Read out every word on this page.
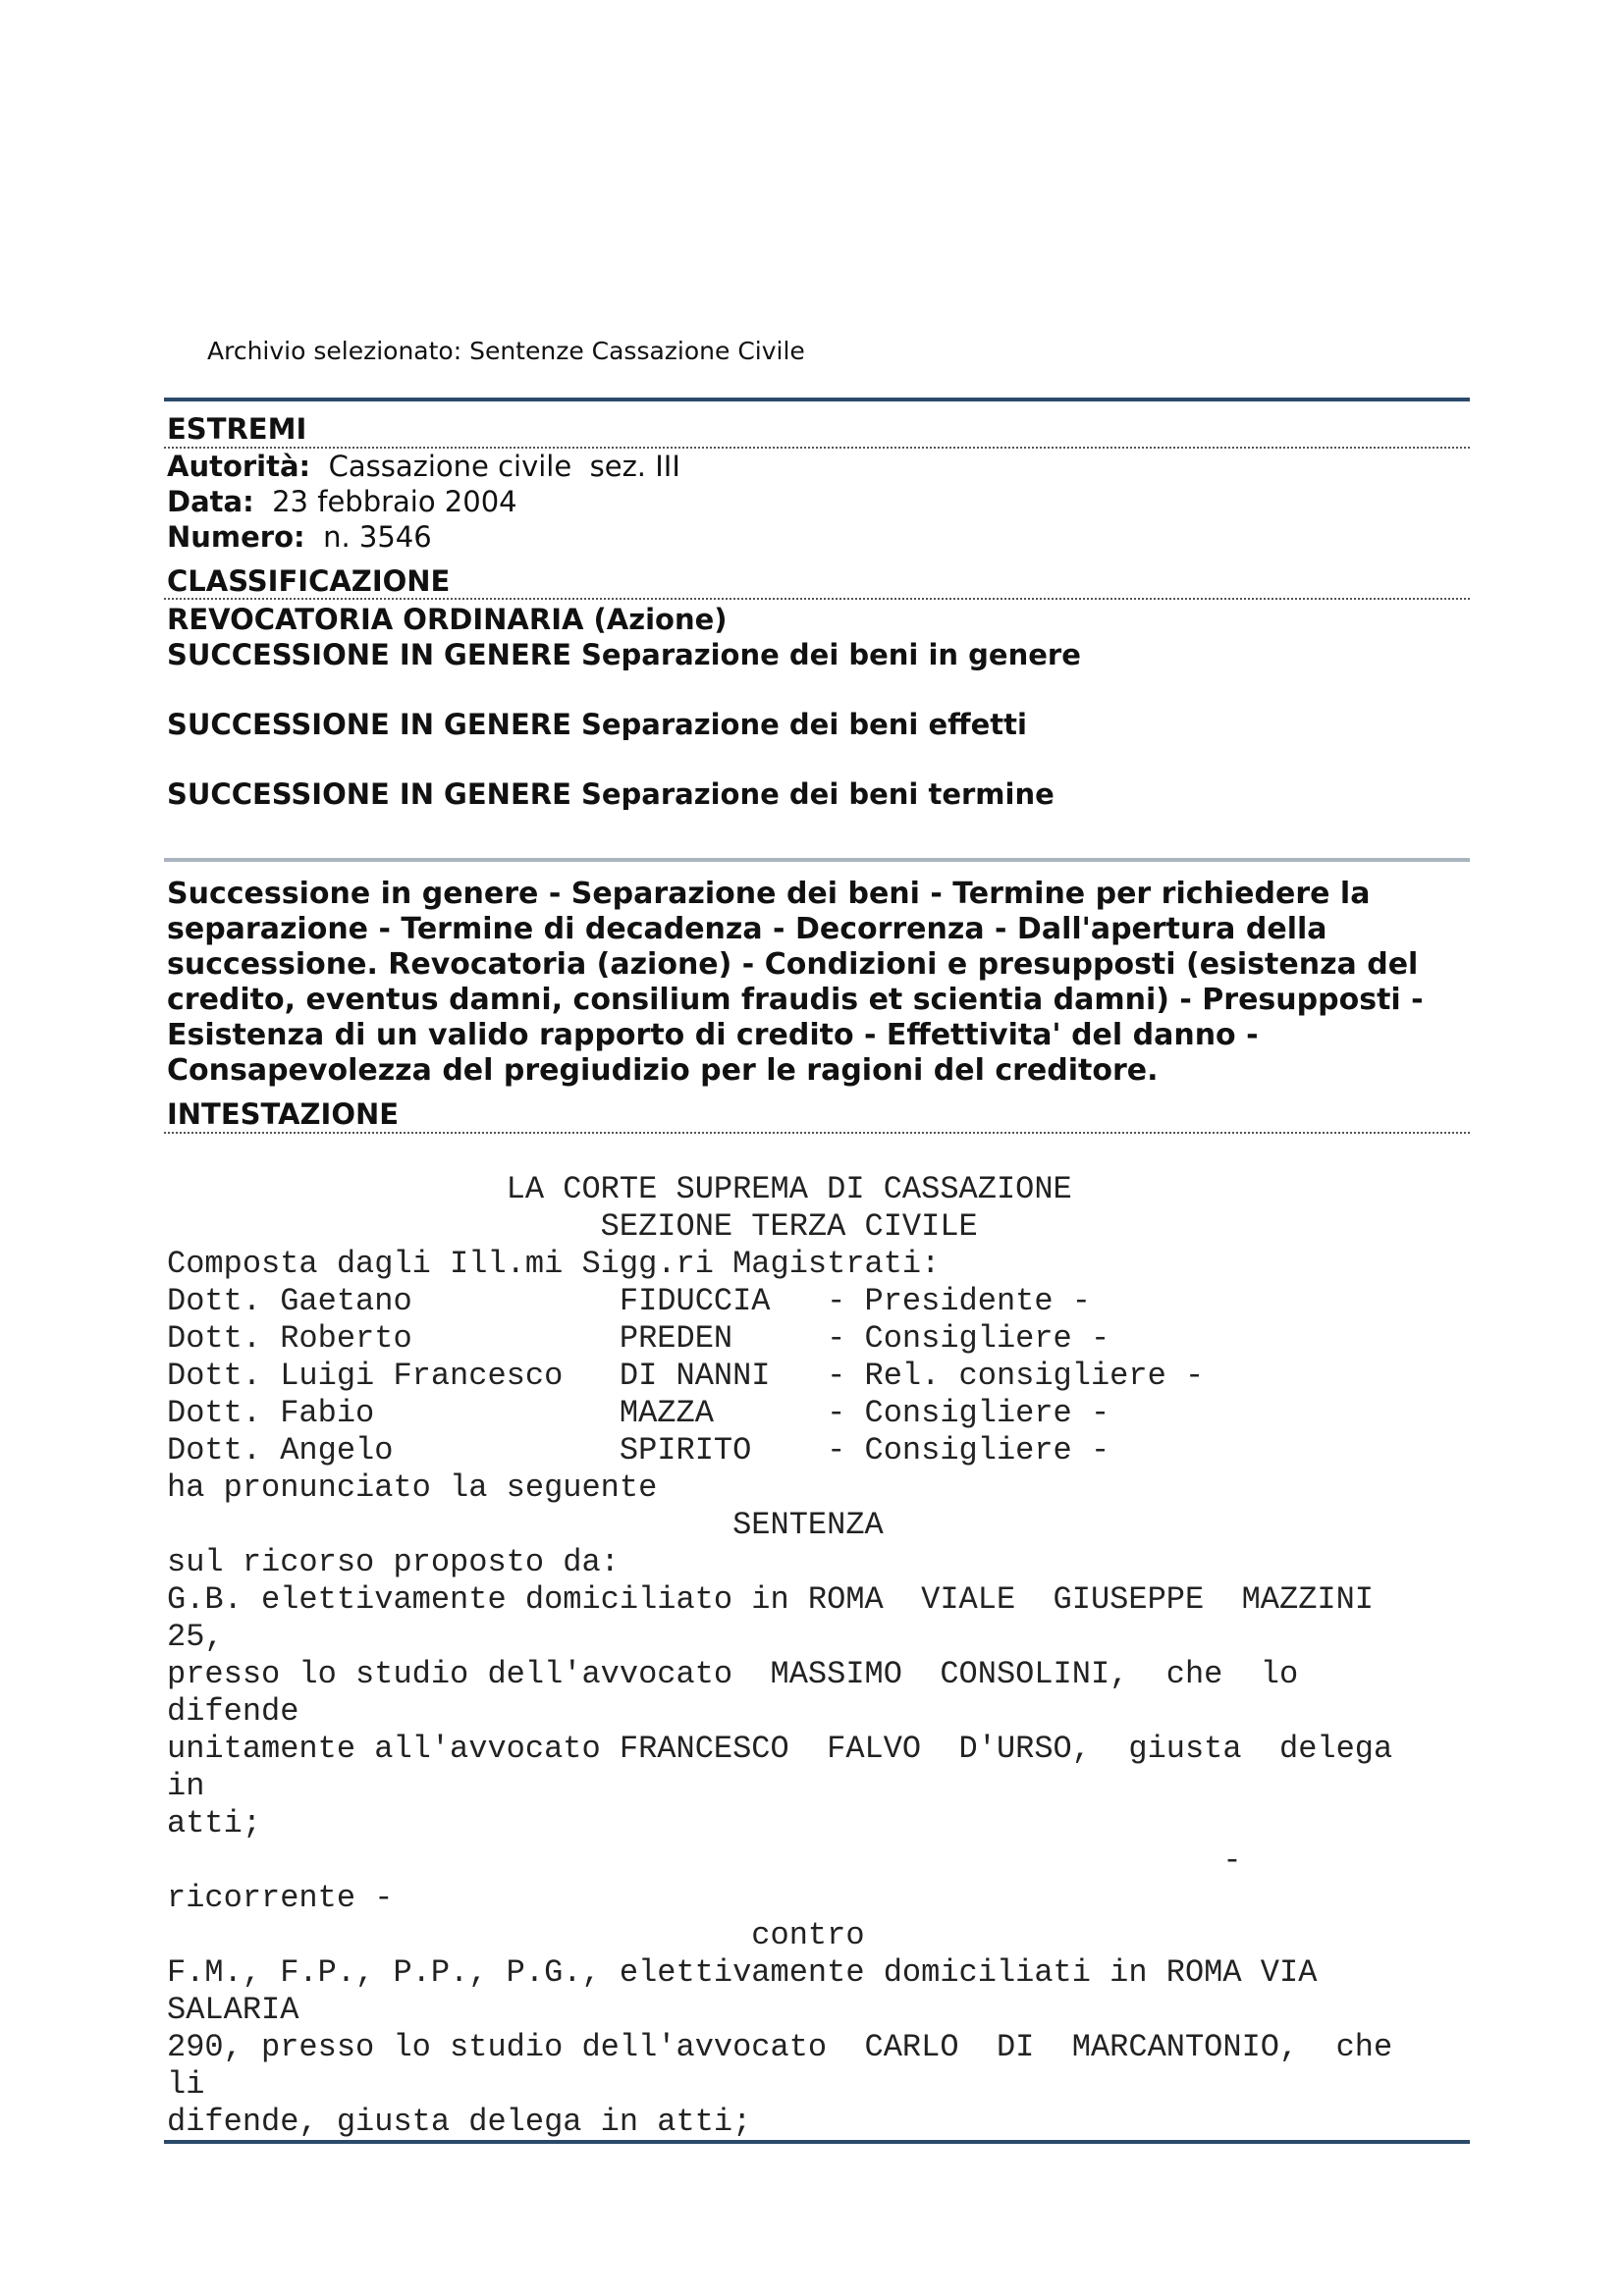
Archivio selezionato: Sentenze Cassazione Civile
ESTREMI
Autorità: Cassazione civile  sez. III
Data: 23 febbraio 2004
Numero: n. 3546
CLASSIFICAZIONE
REVOCATORIA ORDINARIA (Azione)
SUCCESSIONE IN GENERE Separazione dei beni in genere
SUCCESSIONE IN GENERE Separazione dei beni effetti
SUCCESSIONE IN GENERE Separazione dei beni termine
Successione in genere - Separazione dei beni - Termine per richiedere la
separazione - Termine di decadenza - Decorrenza - Dall'apertura della
successione. Revocatoria (azione) - Condizioni e presupposti (esistenza del
credito, eventus damni, consilium fraudis et scientia damni) - Presupposti -
Esistenza di un valido rapporto di credito - Effettivita' del danno -
Consapevolezza del pregiudizio per le ragioni del creditore.
INTESTAZIONE
LA CORTE SUPREMA DI CASSAZIONE
SEZIONE TERZA CIVILE
Composta dagli Ill.mi Sigg.ri Magistrati:
Dott. Gaetano           FIDUCCIA   - Presidente -
Dott. Roberto           PREDEN     - Consigliere -
Dott. Luigi Francesco   DI NANNI   - Rel. consigliere -
Dott. Fabio             MAZZA      - Consigliere -
Dott. Angelo            SPIRITO    - Consigliere -
ha pronunciato la seguente
SENTENZA
sul ricorso proposto da:
G.B. elettivamente domiciliato in ROMA  VIALE  GIUSEPPE  MAZZINI
25,
presso lo studio dell'avvocato  MASSIMO  CONSOLINI,  che  lo
difende
unitamente all'avvocato FRANCESCO  FALVO  D'URSO,  giusta  delega
in
atti;
-
ricorrente -
contro
F.M., F.P., P.P., P.G., elettivamente domiciliati in ROMA VIA
SALARIA
290, presso lo studio dell'avvocato  CARLO  DI  MARCANTONIO,  che
li
difende, giusta delega in atti;
